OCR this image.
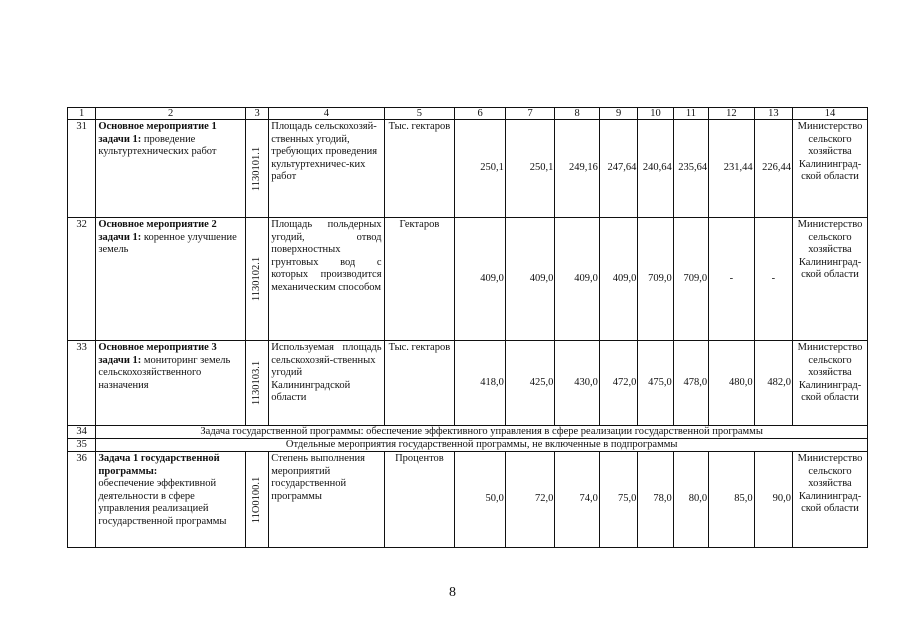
1	2	3	4	5	6	7	8	9	10	11	12	13	14
31	Основное мероприятие 1
задачи 1: проведение культуртехнических работ	1130101.1	Площадь сельскохозяй-ственных угодий, требующих проведения культуртехничес-ких работ	Тыс. гектаров	250,1	250,1	249,16	247,64	240,64	235,64	231,44	226,44	Министерство сельского хозяйства Калининград-ской области
32	Основное мероприятие 2
задачи 1: коренное улучшение земель	1130102.1	Площадь польдерных угодий, отвод поверхностных грунтовых вод с которых производится механическим способом	Гектаров	409,0	409,0	409,0	409,0	709,0	709,0	-	-	Министерство сельского хозяйства Калининград-ской области
33	Основное мероприятие 3
задачи 1: мониторинг земель сельскохозяйственного назначения	1130103.1	Используемая площадь сельскохозяй-ственных угодий Калининградской области	Тыс. гектаров	418,0	425,0	430,0	472,0	475,0	478,0	480,0	482,0	Министерство сельского хозяйства Калининград-ской области
34	Задача государственной программы: обеспечение эффективного управления в сфере реализации государственной программы												
35	Отдельные мероприятия государственной программы, не включенные в подпрограммы												
36	Задача 1 государственной программы:
обеспечение эффективной деятельности в сфере управления реализацией государственной программы	11O0100.1	Степень выполнения мероприятий государственной программы	Процентов	50,0	72,0	74,0	75,0	78,0	80,0	85,0	90,0	Министерство сельского хозяйства Калининград-ской области
8
